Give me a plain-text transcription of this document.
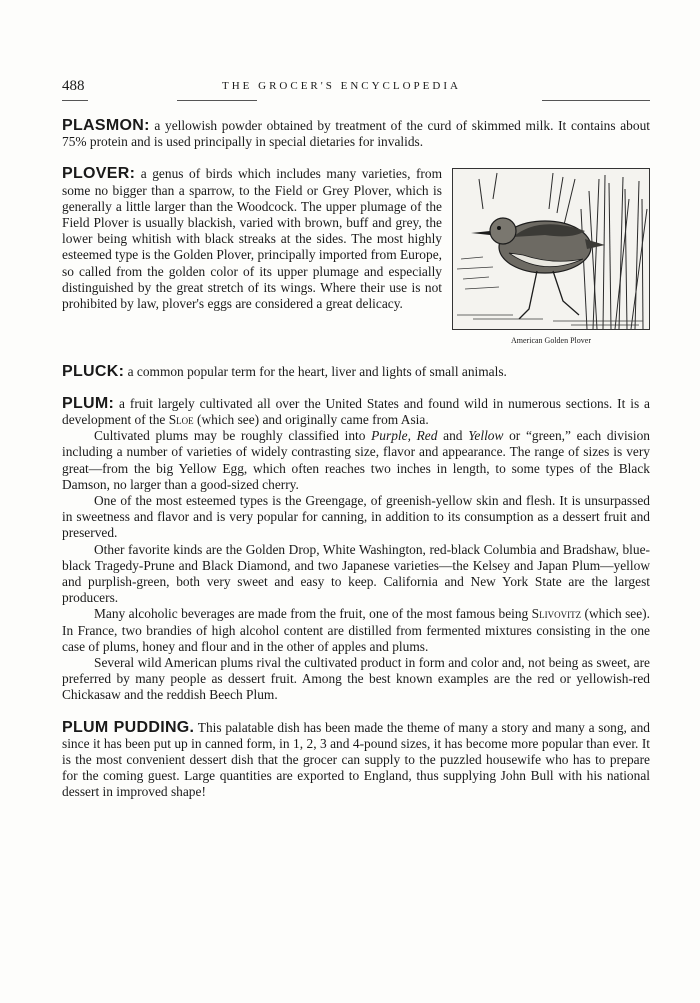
488	THE GROCER'S ENCYCLOPEDIA

PLASMON: a yellowish powder obtained by treatment of the curd of skimmed milk. It contains about 75% protein and is used principally in special dietaries for invalids.

American Golden Plover

PLOVER: a genus of birds which includes many varieties, from some no bigger than a sparrow, to the Field or Grey Plover, which is generally a little larger than the Woodcock. The upper plumage of the Field Plover is usually blackish, varied with brown, buff and grey, the lower being whitish with black streaks at the sides. The most highly esteemed type is the Golden Plover, principally imported from Europe, so called from the golden color of its upper plumage and especially distinguished by the great stretch of its wings. Where their use is not prohibited by law, plover's eggs are considered a great delicacy.

PLUCK: a common popular term for the heart, liver and lights of small animals.

PLUM: a fruit largely cultivated all over the United States and found wild in numerous sections. It is a development of the Sloe (which see) and originally came from Asia.

Cultivated plums may be roughly classified into Purple, Red and Yellow or “green,” each division including a number of varieties of widely contrasting size, flavor and appearance. The range of sizes is very great—from the big Yellow Egg, which often reaches two inches in length, to some types of the Black Damson, no larger than a good-sized cherry.

One of the most esteemed types is the Greengage, of greenish-yellow skin and flesh. It is unsurpassed in sweetness and flavor and is very popular for canning, in addition to its consumption as a dessert fruit and preserved.

Other favorite kinds are the Golden Drop, White Washington, red-black Columbia and Bradshaw, blue-black Tragedy-Prune and Black Diamond, and two Japanese varieties—the Kelsey and Japan Plum—yellow and purplish-green, both very sweet and easy to keep. California and New York State are the largest producers.

Many alcoholic beverages are made from the fruit, one of the most famous being Slivovitz (which see). In France, two brandies of high alcohol content are distilled from fermented mixtures consisting in the one case of plums, honey and flour and in the other of apples and plums.

Several wild American plums rival the cultivated product in form and color and, not being as sweet, are preferred by many people as dessert fruit. Among the best known examples are the red or yellowish-red Chickasaw and the reddish Beech Plum.

PLUM PUDDING. This palatable dish has been made the theme of many a story and many a song, and since it has been put up in canned form, in 1, 2, 3 and 4-pound sizes, it has become more popular than ever. It is the most convenient dessert dish that the grocer can supply to the puzzled housewife who has to prepare for the coming guest. Large quantities are exported to England, thus supplying John Bull with his national dessert in improved shape!
